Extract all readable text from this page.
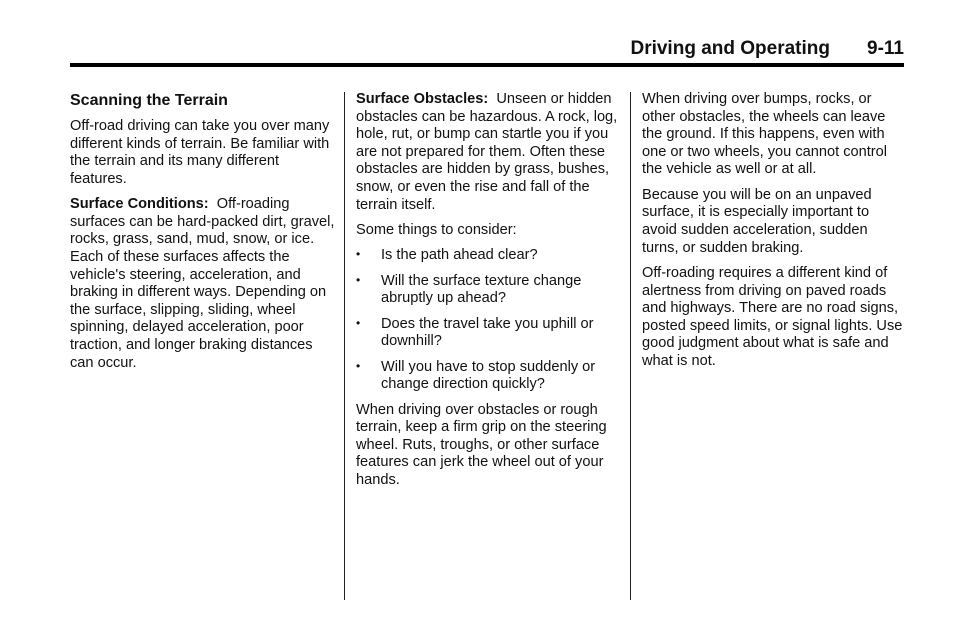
Driving and Operating 9-11
Scanning the Terrain

Off-road driving can take you over many different kinds of terrain. Be familiar with the terrain and its many different features.

Surface Conditions: Off-roading surfaces can be hard-packed dirt, gravel, rocks, grass, sand, mud, snow, or ice. Each of these surfaces affects the vehicle's steering, acceleration, and braking in different ways. Depending on the surface, slipping, sliding, wheel spinning, delayed acceleration, poor traction, and longer braking distances can occur.

Surface Obstacles: Unseen or hidden obstacles can be hazardous. A rock, log, hole, rut, or bump can startle you if you are not prepared for them. Often these obstacles are hidden by grass, bushes, snow, or even the rise and fall of the terrain itself.

Some things to consider:

• Is the path ahead clear?
• Will the surface texture change abruptly up ahead?
• Does the travel take you uphill or downhill?
• Will you have to stop suddenly or change direction quickly?

When driving over obstacles or rough terrain, keep a firm grip on the steering wheel. Ruts, troughs, or other surface features can jerk the wheel out of your hands.

When driving over bumps, rocks, or other obstacles, the wheels can leave the ground. If this happens, even with one or two wheels, you cannot control the vehicle as well or at all.

Because you will be on an unpaved surface, it is especially important to avoid sudden acceleration, sudden turns, or sudden braking.

Off-roading requires a different kind of alertness from driving on paved roads and highways. There are no road signs, posted speed limits, or signal lights. Use good judgment about what is safe and what is not.
